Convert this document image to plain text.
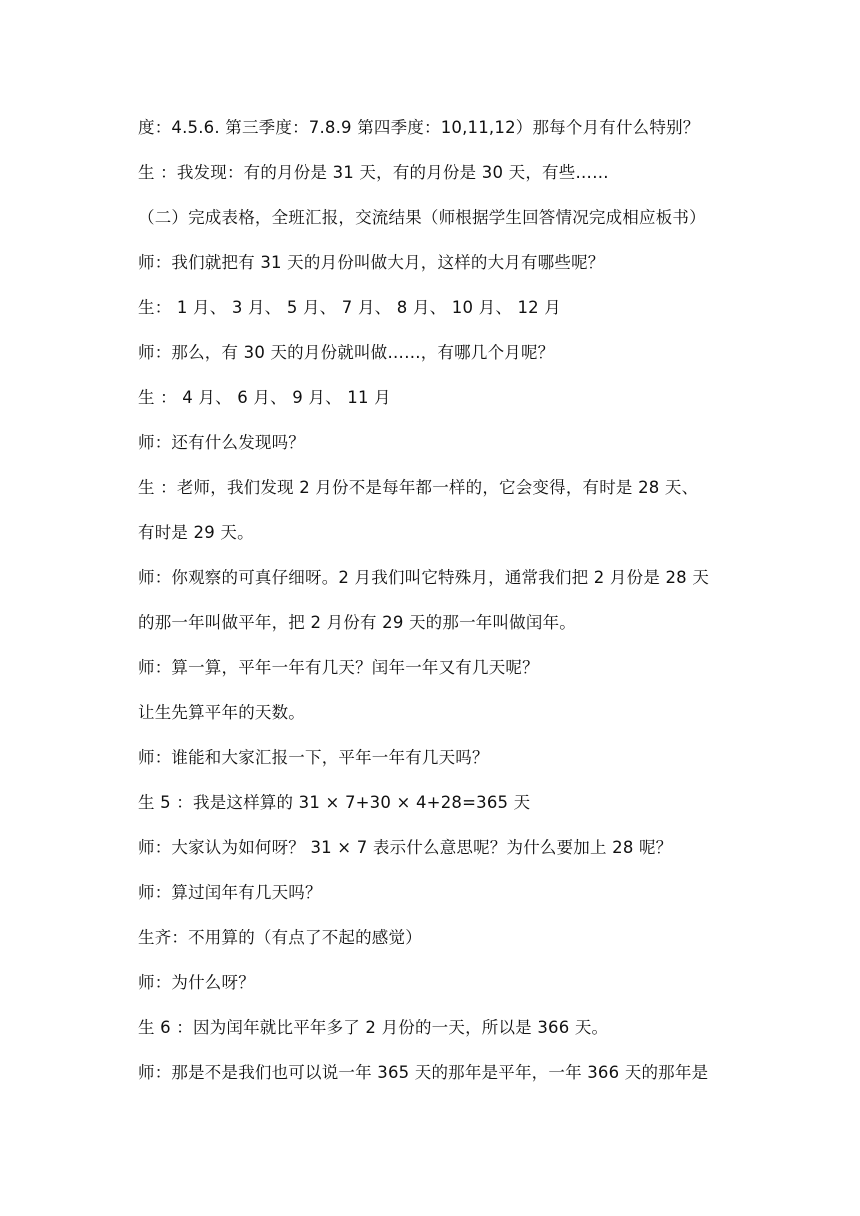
度：4.5.6. 第三季度：7.8.9 第四季度：10,11,12）那每个月有什么特别？
生 ：我发现：有的月份是 31 天，有的月份是 30 天，有些……
（二）完成表格，全班汇报，交流结果（师根据学生回答情况完成相应板书）
师：我们就把有 31 天的月份叫做大月，这样的大月有哪些呢？
生： 1 月、 3 月、 5 月、 7 月、 8 月、 10 月、 12 月
师：那么，有 30 天的月份就叫做……，有哪几个月呢？
生 ： 4 月、 6 月、 9 月、 11 月
师：还有什么发现吗？
生 ：老师，我们发现 2 月份不是每年都一样的，它会变得，有时是 28 天、
有时是 29 天。
师：你观察的可真仔细呀。2 月我们叫它特殊月，通常我们把 2 月份是 28 天
的那一年叫做平年，把 2 月份有 29 天的那一年叫做闰年。
师：算一算，平年一年有几天？闰年一年又有几天呢？
让生先算平年的天数。
师：谁能和大家汇报一下，平年一年有几天吗？
生 5 ：我是这样算的 31 × 7+30 × 4+28=365 天
师：大家认为如何呀？ 31 × 7 表示什么意思呢？为什么要加上 28 呢？
师：算过闰年有几天吗？
生齐：不用算的（有点了不起的感觉）
师：为什么呀？
生 6 ：因为闰年就比平年多了 2 月份的一天，所以是 366 天。
师：那是不是我们也可以说一年 365 天的那年是平年，一年 366 天的那年是
